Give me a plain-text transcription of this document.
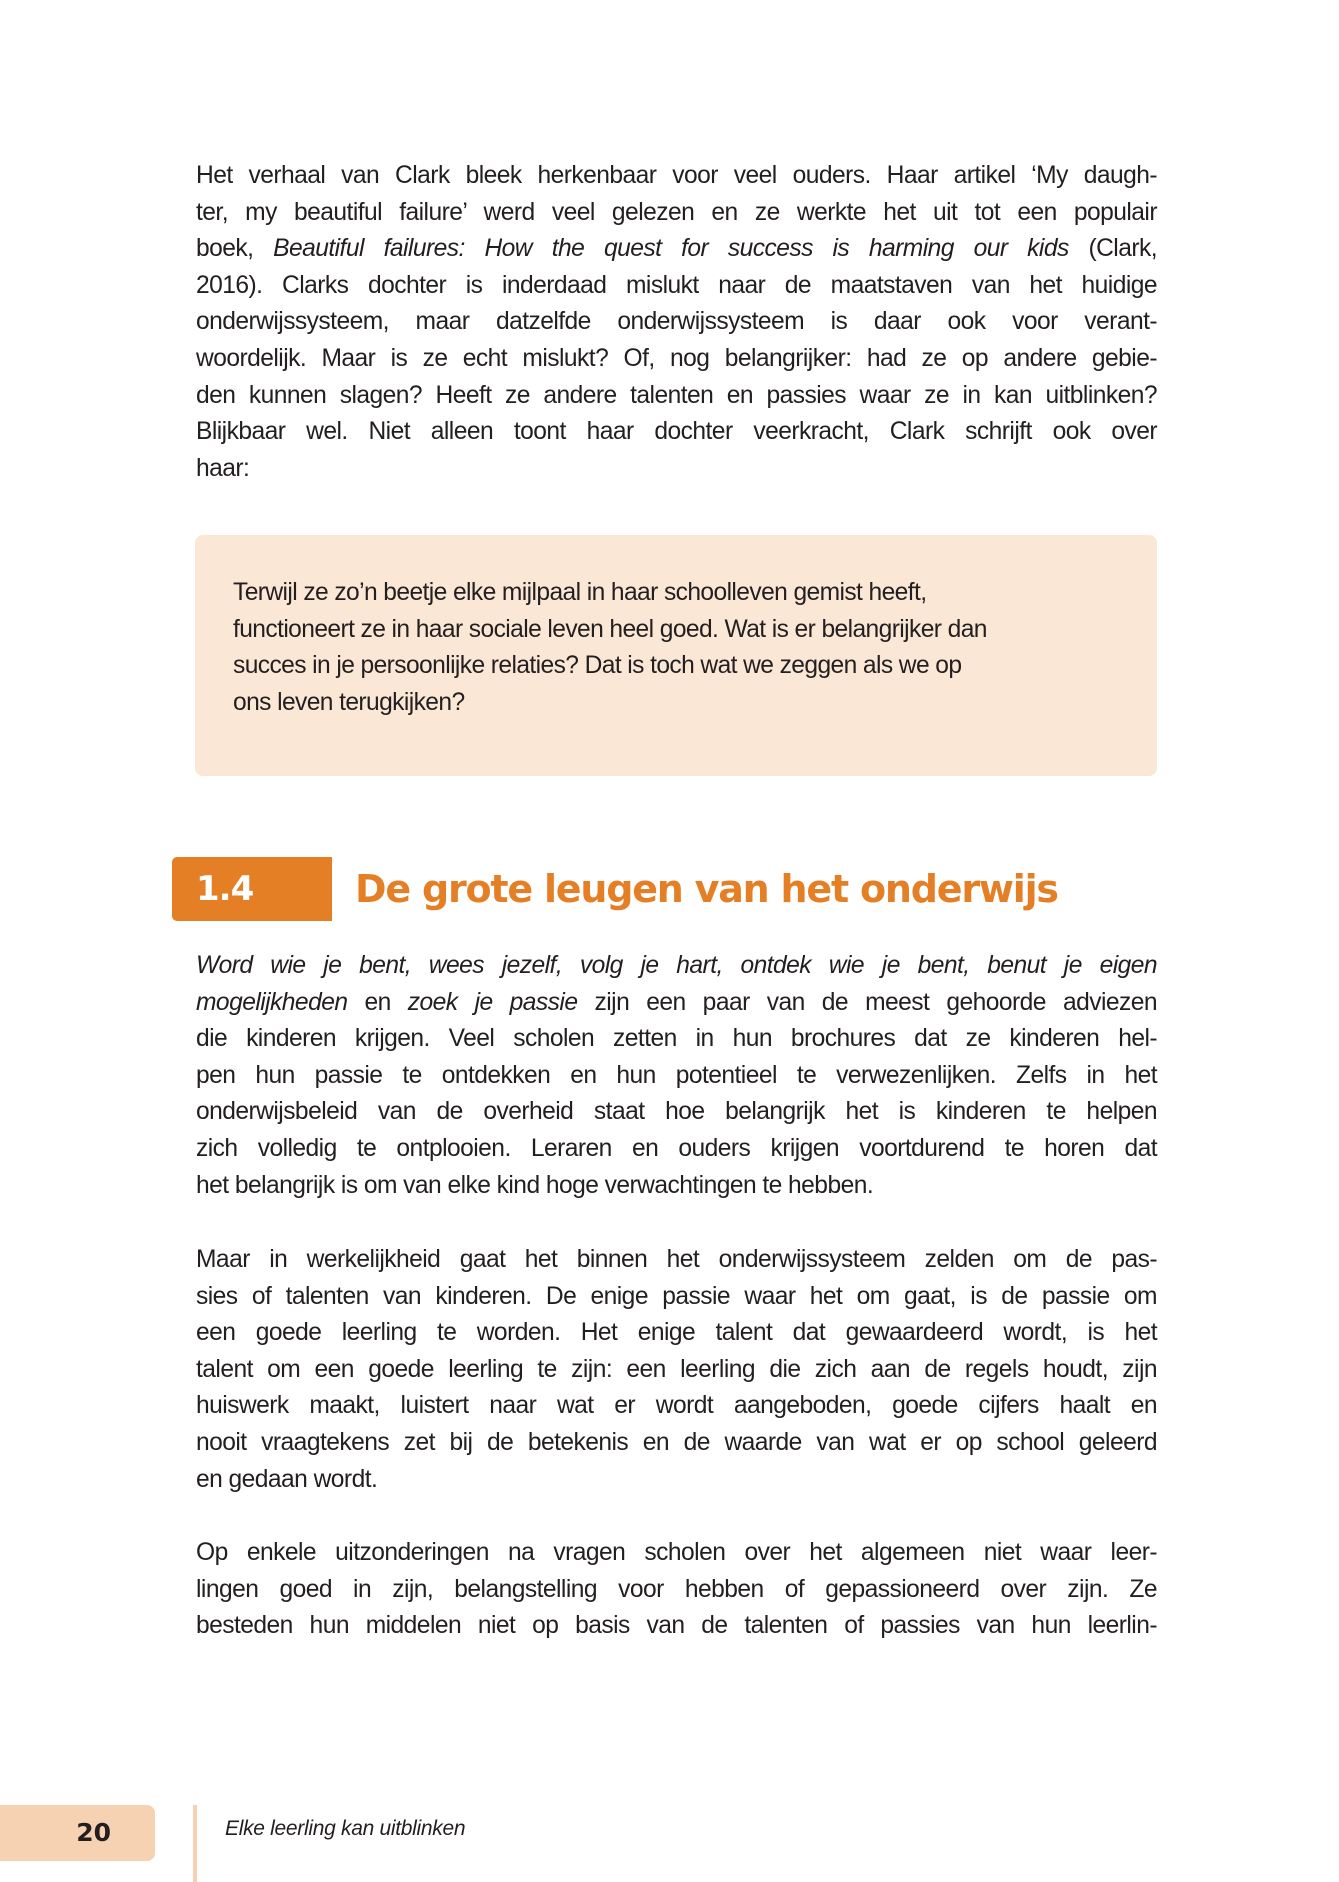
Het verhaal van Clark bleek herkenbaar voor veel ouders. Haar artikel ‘My daugh-
ter, my beautiful failure’ werd veel gelezen en ze werkte het uit tot een populair
boek, Beautiful failures: How the quest for success is harming our kids (Clark,
2016). Clarks dochter is inderdaad mislukt naar de maatstaven van het huidige
onderwijssysteem, maar datzelfde onderwijssysteem is daar ook voor verant-
woordelijk. Maar is ze echt mislukt? Of, nog belangrijker: had ze op andere gebie-
den kunnen slagen? Heeft ze andere talenten en passies waar ze in kan uitblinken?
Blijkbaar wel. Niet alleen toont haar dochter veerkracht, Clark schrijft ook over
haar:
Terwijl ze zo’n beetje elke mijlpaal in haar schoolleven gemist heeft,
functioneert ze in haar sociale leven heel goed. Wat is er belangrijker dan
succes in je persoonlijke relaties? Dat is toch wat we zeggen als we op
ons leven terugkijken?
1.4	De grote leugen van het onderwijs
Word wie je bent, wees jezelf, volg je hart, ontdek wie je bent, benut je eigen
mogelijkheden en zoek je passie zijn een paar van de meest gehoorde adviezen
die kinderen krijgen. Veel scholen zetten in hun brochures dat ze kinderen hel-
pen hun passie te ontdekken en hun potentieel te verwezenlijken. Zelfs in het
onderwijsbeleid van de overheid staat hoe belangrijk het is kinderen te helpen
zich volledig te ontplooien. Leraren en ouders krijgen voortdurend te horen dat
het belangrijk is om van elke kind hoge verwachtingen te hebben.
Maar in werkelijkheid gaat het binnen het onderwijssysteem zelden om de pas-
sies of talenten van kinderen. De enige passie waar het om gaat, is de passie om
een goede leerling te worden. Het enige talent dat gewaardeerd wordt, is het
talent om een goede leerling te zijn: een leerling die zich aan de regels houdt, zijn
huiswerk maakt, luistert naar wat er wordt aangeboden, goede cijfers haalt en
nooit vraagtekens zet bij de betekenis en de waarde van wat er op school geleerd
en gedaan wordt.
Op enkele uitzonderingen na vragen scholen over het algemeen niet waar leer-
lingen goed in zijn, belangstelling voor hebben of gepassioneerd over zijn. Ze
besteden hun middelen niet op basis van de talenten of passies van hun leerlin-
20	Elke leerling kan uitblinken
